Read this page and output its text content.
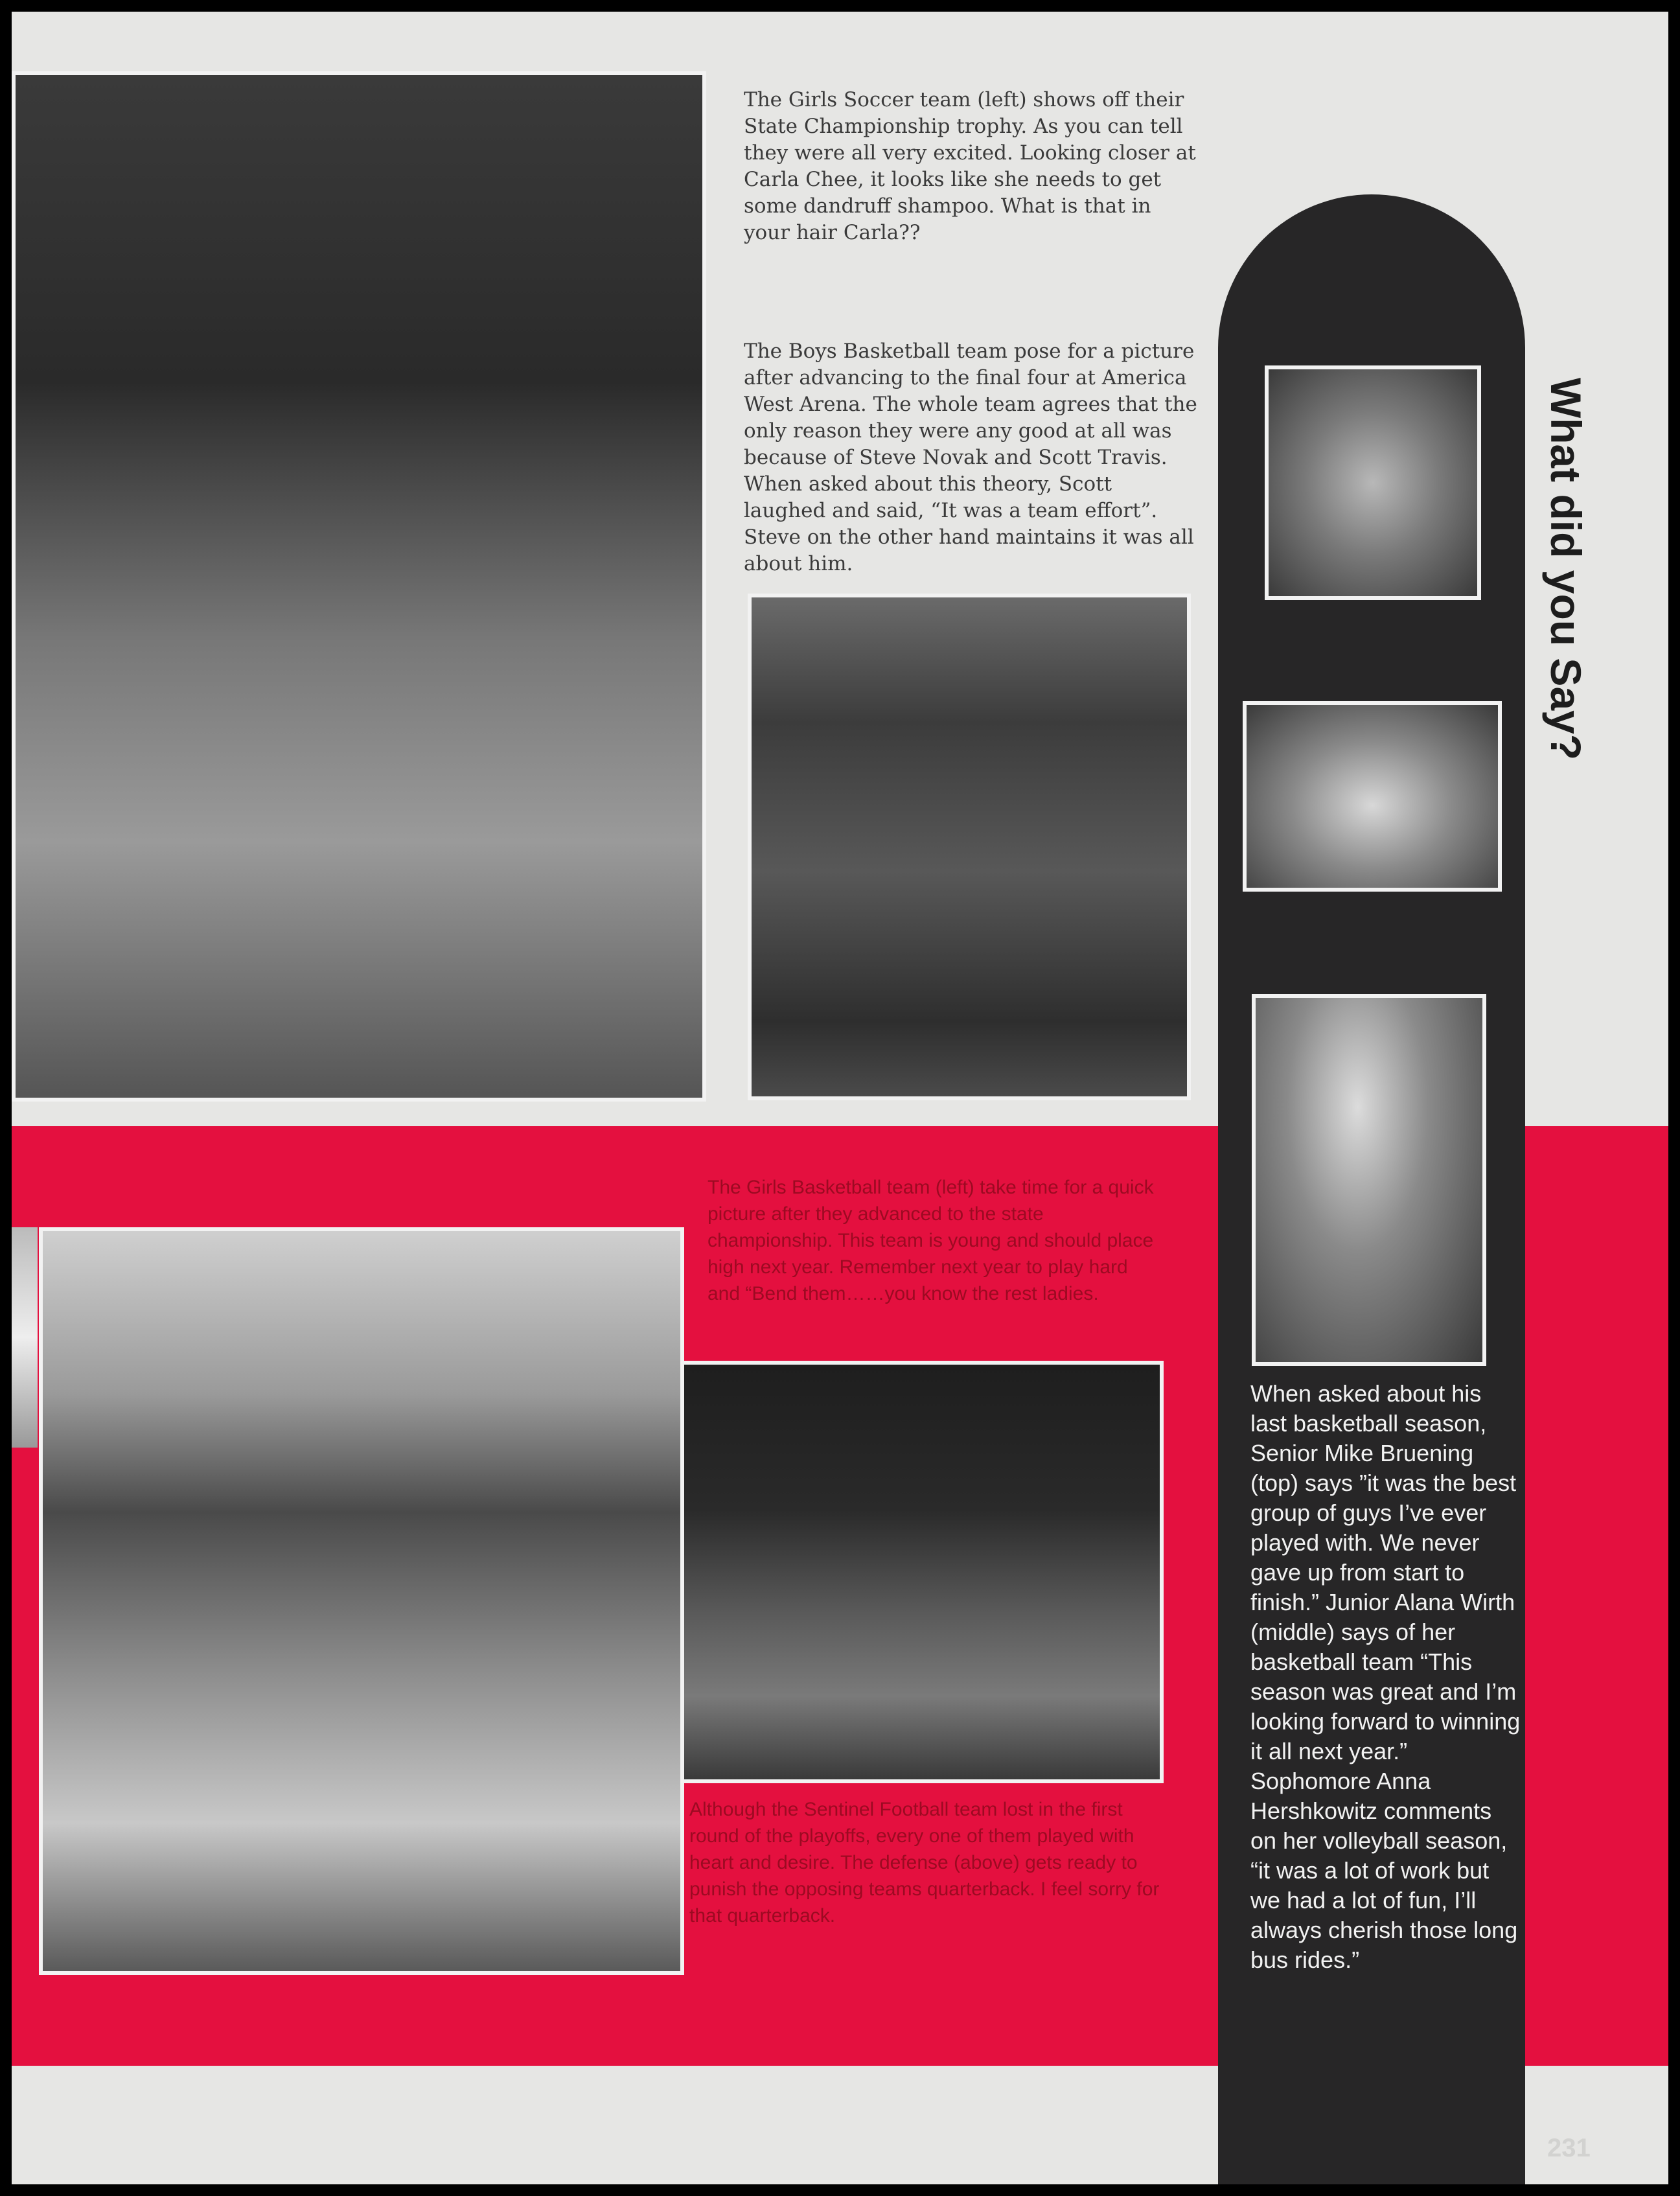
The Girls Soccer team (left) shows off their State Championship trophy. As you can tell they were all very excited. Looking closer at Carla Chee, it looks like she needs to get some dandruff shampoo. What is that in your hair Carla??

The Boys Basketball team pose for a picture after advancing to the final four at America West Arena. The whole team agrees that the only reason they were any good at all was because of Steve Novak and Scott Travis. When asked about this theory, Scott laughed and said, “It was a team effort”. Steve on the other hand maintains it was all about him.

The Girls Basketball team (left) take time for a quick picture after they advanced to the state championship. This team is young and should place high next year. Remember next year to play hard and “Bend them……you know the rest ladies.

Although the Sentinel Football team lost in the first round of the playoffs, every one of them played with heart and desire. The defense (above) gets ready to punish the opposing teams quarterback. I feel sorry for that quarterback.

What did you Say?

When asked about his last basketball season, Senior Mike Bruening (top) says ”it was the best group of guys I’ve ever played with. We never gave up from start to finish.” Junior Alana Wirth (middle) says of her basketball team “This season was great and I’m looking forward to winning it all next year.” Sophomore Anna Hershkowitz comments on her volleyball season, “it was a lot of work but we had a lot of fun, I’ll always cherish those long bus rides.”

231
